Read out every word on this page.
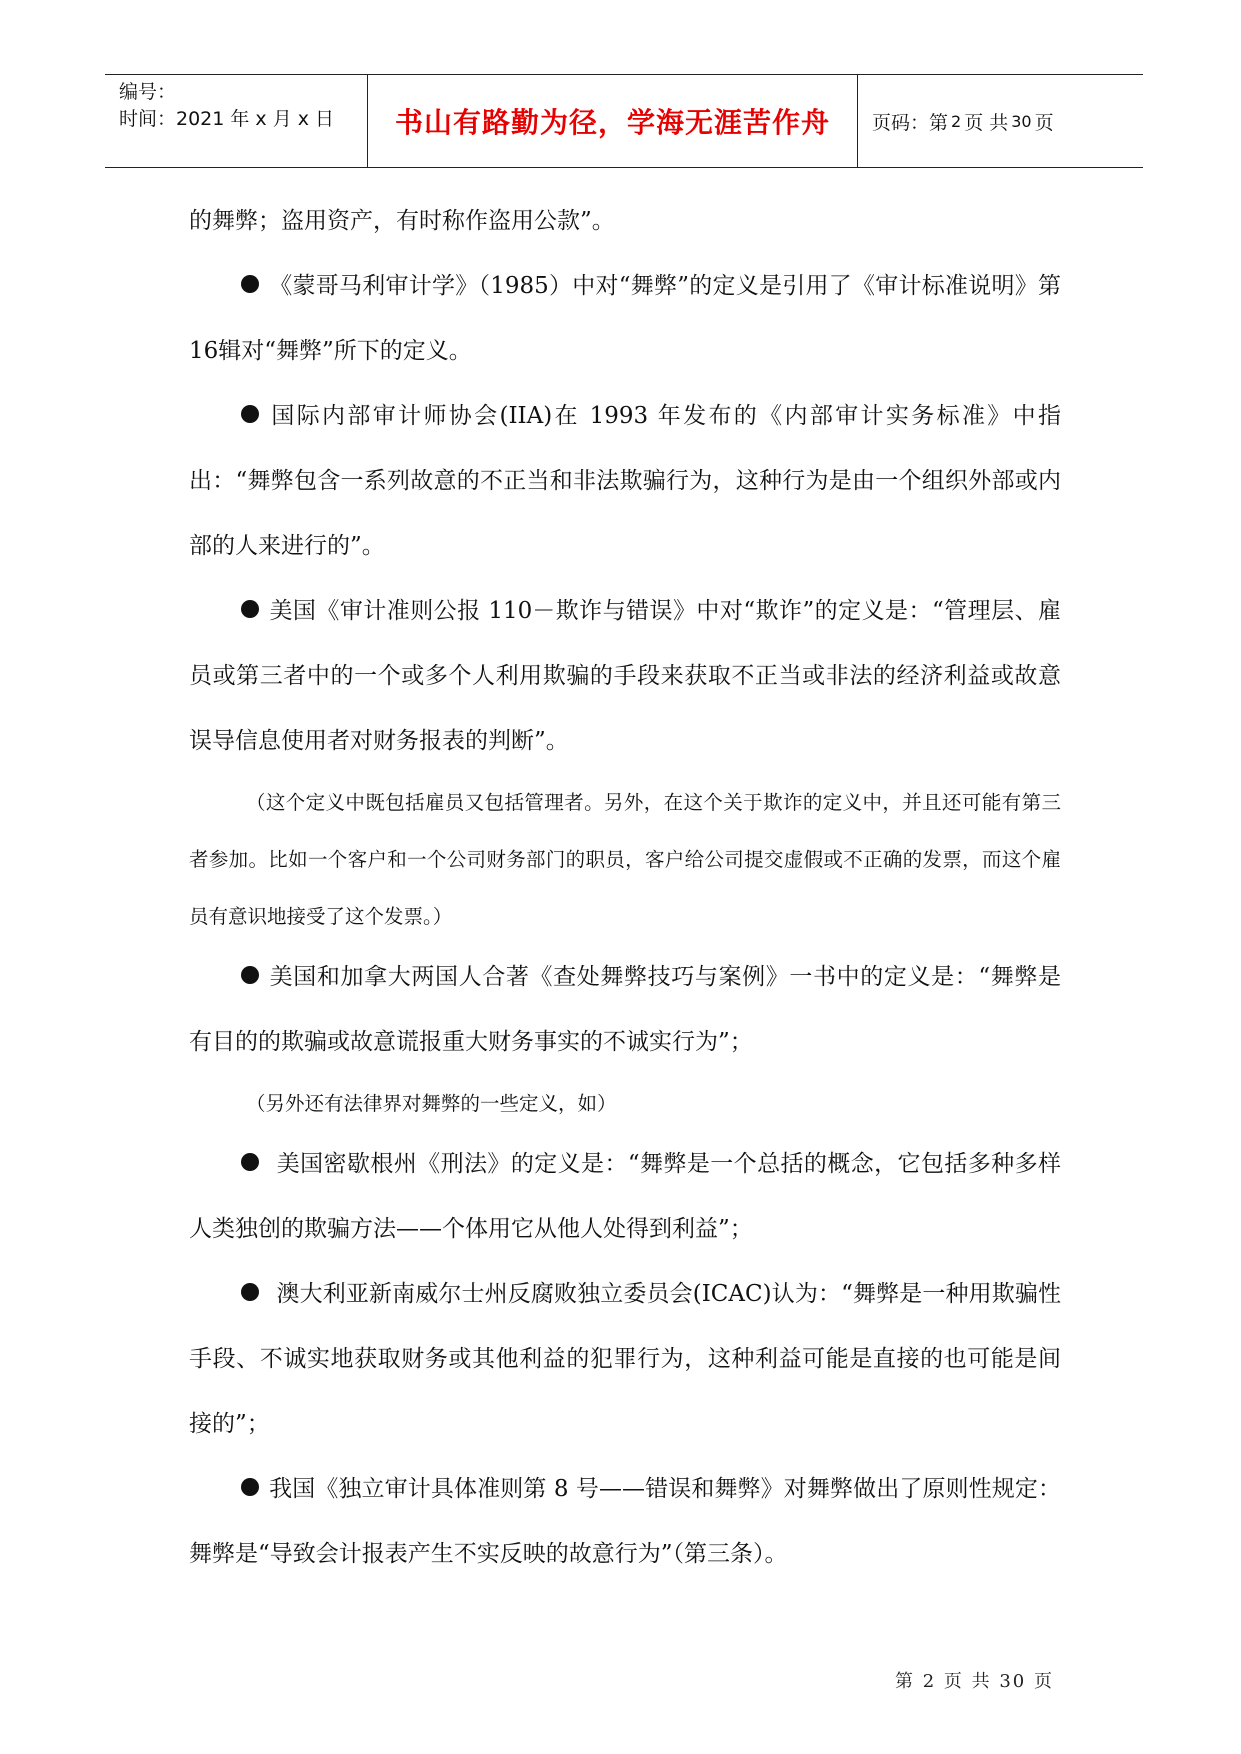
编号：
时间：2021 年 x 月 x 日	书山有路勤为径，学海无涯苦作舟	页码：第 2 页 共 30 页

的舞弊；盗用资产，有时称作盗用公款”。

《蒙哥马利审计学》（1985）中对“舞弊”的定义是引用了《审计标准说明》第16辑对“舞弊”所下的定义。

国际内部审计师协会(IIA)在 1993 年发布的《内部审计实务标准》中指出：“舞弊包含一系列故意的不正当和非法欺骗行为，这种行为是由一个组织外部或内部的人来进行的”。

美国《审计准则公报 110－欺诈与错误》中对“欺诈”的定义是：“管理层、雇员或第三者中的一个或多个人利用欺骗的手段来获取不正当或非法的经济利益或故意误导信息使用者对财务报表的判断”。

（这个定义中既包括雇员又包括管理者。另外，在这个关于欺诈的定义中，并且还可能有第三者参加。比如一个客户和一个公司财务部门的职员，客户给公司提交虚假或不正确的发票，而这个雇员有意识地接受了这个发票。）

美国和加拿大两国人合著《查处舞弊技巧与案例》一书中的定义是：“舞弊是有目的的欺骗或故意谎报重大财务事实的不诚实行为”；

（另外还有法律界对舞弊的一些定义，如）

美国密歇根州《刑法》的定义是：“舞弊是一个总括的概念，它包括多种多样人类独创的欺骗方法——个体用它从他人处得到利益”；

澳大利亚新南威尔士州反腐败独立委员会(ICAC)认为：“舞弊是一种用欺骗性手段、不诚实地获取财务或其他利益的犯罪行为，这种利益可能是直接的也可能是间接的”；

我国《独立审计具体准则第 8 号——错误和舞弊》对舞弊做出了原则性规定：舞弊是“导致会计报表产生不实反映的故意行为”（第三条）。

第 2 页 共 30 页
